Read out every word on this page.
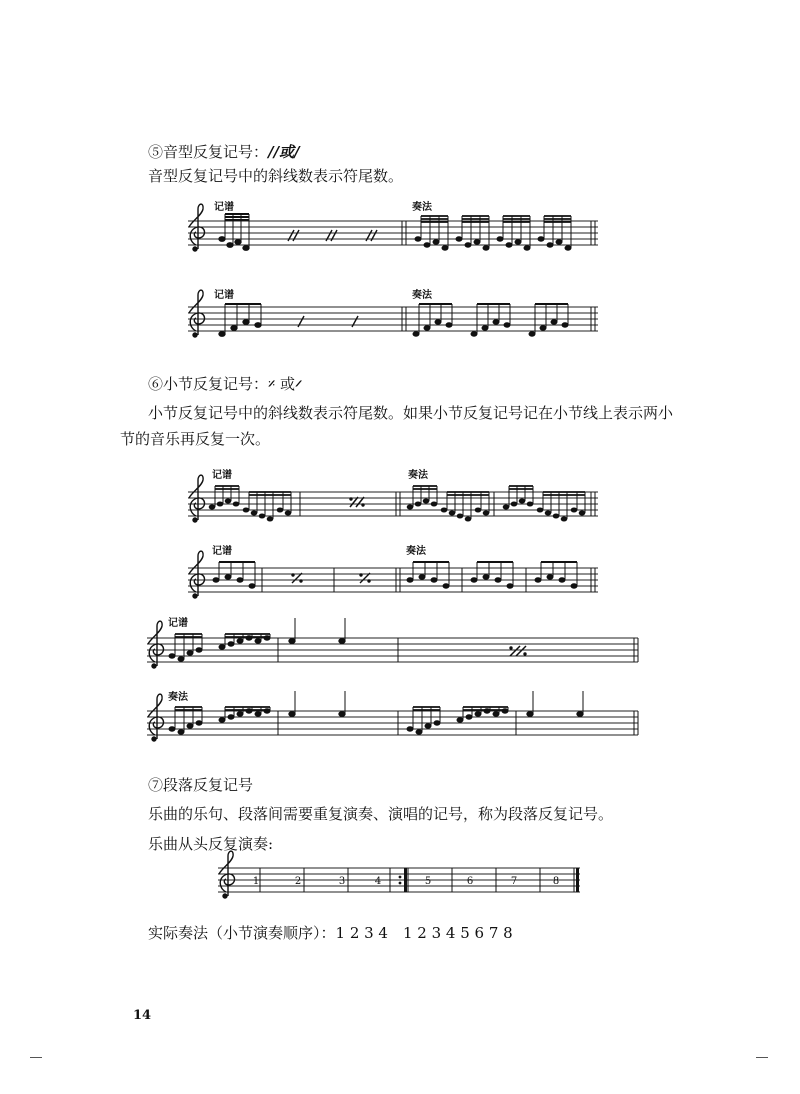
⑤音型反复记号：//或/
音型反复记号中的斜线数表示符尾数。
记谱	奏法
记谱	奏法
⑥小节反复记号：𝄎 或𝄍
小节反复记号中的斜线数表示符尾数。如果小节反复记号记在小节线上表示两小
节的音乐再反复一次。
记谱	奏法
记谱	奏法
记谱
奏法
⑦段落反复记号
乐曲的乐句、段落间需要重复演奏、演唱的记号，称为段落反复记号。
乐曲从头反复演奏:
实际奏法（小节演奏顺序）：1 2 3 4　1 2 3 4 5 6 7 8
14
1	2	3	4	5	6	7	8
